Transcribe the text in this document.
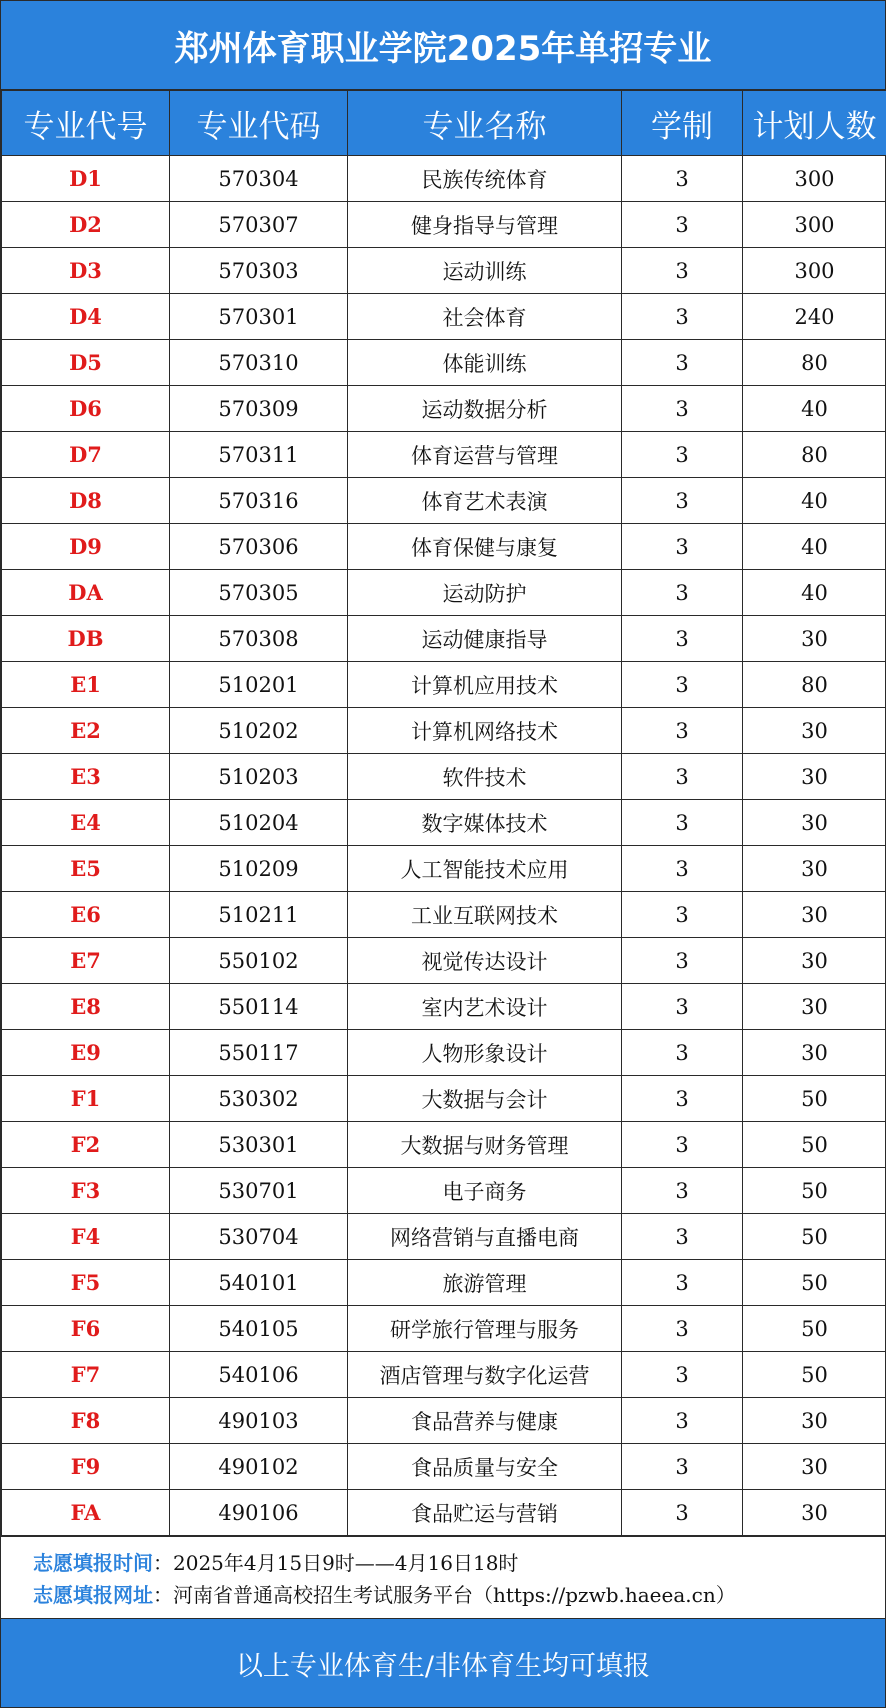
郑州体育职业学院2025年单招专业
专业代号	专业代码	专业名称	学制	计划人数
D1	570304	民族传统体育	3	300
D2	570307	健身指导与管理	3	300
D3	570303	运动训练	3	300
D4	570301	社会体育	3	240
D5	570310	体能训练	3	80
D6	570309	运动数据分析	3	40
D7	570311	体育运营与管理	3	80
D8	570316	体育艺术表演	3	40
D9	570306	体育保健与康复	3	40
DA	570305	运动防护	3	40
DB	570308	运动健康指导	3	30
E1	510201	计算机应用技术	3	80
E2	510202	计算机网络技术	3	30
E3	510203	软件技术	3	30
E4	510204	数字媒体技术	3	30
E5	510209	人工智能技术应用	3	30
E6	510211	工业互联网技术	3	30
E7	550102	视觉传达设计	3	30
E8	550114	室内艺术设计	3	30
E9	550117	人物形象设计	3	30
F1	530302	大数据与会计	3	50
F2	530301	大数据与财务管理	3	50
F3	530701	电子商务	3	50
F4	530704	网络营销与直播电商	3	50
F5	540101	旅游管理	3	50
F6	540105	研学旅行管理与服务	3	50
F7	540106	酒店管理与数字化运营	3	50
F8	490103	食品营养与健康	3	30
F9	490102	食品质量与安全	3	30
FA	490106	食品贮运与营销	3	30
志愿填报时间：2025年4月15日9时——4月16日18时
志愿填报网址：河南省普通高校招生考试服务平台（https://pzwb.haeea.cn）
以上专业体育生/非体育生均可填报
